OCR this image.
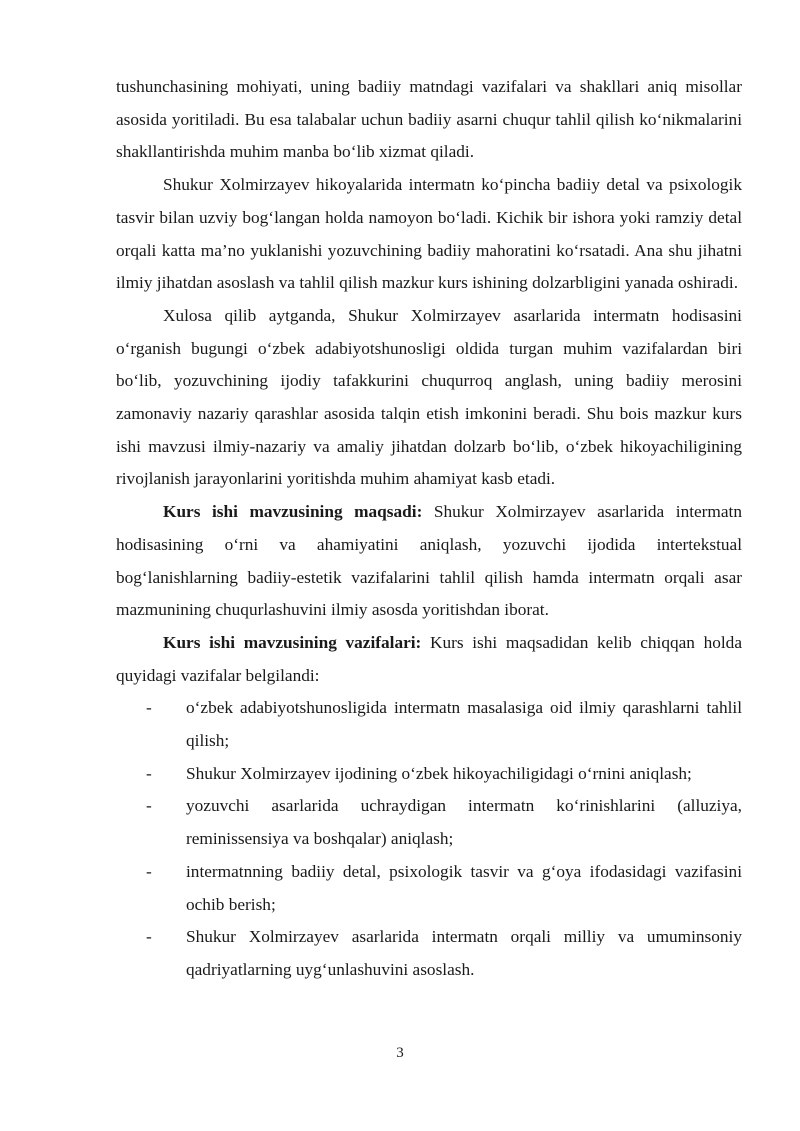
tushunchasining mohiyati, uning badiiy matndagi vazifalari va shakllari aniq misollar asosida yoritiladi. Bu esa talabalar uchun badiiy asarni chuqur tahlil qilish ko‘nikmalarini shakllantirishda muhim manba bo‘lib xizmat qiladi.

Shukur Xolmirzayev hikoyalarida intermatn ko‘pincha badiiy detal va psixologik tasvir bilan uzviy bog‘langan holda namoyon bo‘ladi. Kichik bir ishora yoki ramziy detal orqali katta ma’no yuklanishi yozuvchining badiiy mahoratini ko‘rsatadi. Ana shu jihatni ilmiy jihatdan asoslash va tahlil qilish mazkur kurs ishining dolzarbligini yanada oshiradi.

Xulosa qilib aytganda, Shukur Xolmirzayev asarlarida intermatn hodisasini o‘rganish bugungi o‘zbek adabiyotshunosligi oldida turgan muhim vazifalardan biri bo‘lib, yozuvchining ijodiy tafakkurini chuqurroq anglash, uning badiiy merosini zamonaviy nazariy qarashlar asosida talqin etish imkonini beradi. Shu bois mazkur kurs ishi mavzusi ilmiy-nazariy va amaliy jihatdan dolzarb bo‘lib, o‘zbek hikoyachiligining rivojlanish jarayonlarini yoritishda muhim ahamiyat kasb etadi.

Kurs ishi mavzusining maqsadi: Shukur Xolmirzayev asarlarida intermatn hodisasining o‘rni va ahamiyatini aniqlash, yozuvchi ijodida intertekstual bog‘lanishlarning badiiy-estetik vazifalarini tahlil qilish hamda intermatn orqali asar mazmunining chuqurlashuvini ilmiy asosda yoritishdan iborat.

Kurs ishi mavzusining vazifalari: Kurs ishi maqsadidan kelib chiqqan holda quyidagi vazifalar belgilandi:

- o‘zbek adabiyotshunosligida intermatn masalasiga oid ilmiy qarashlarni tahlil qilish;
- Shukur Xolmirzayev ijodining o‘zbek hikoyachiligidagi o‘rnini aniqlash;
- yozuvchi asarlarida uchraydigan intermatn ko‘rinishlarini (alluziya, reminissensiya va boshqalar) aniqlash;
- intermatnning badiiy detal, psixologik tasvir va g‘oya ifodasidagi vazifasini ochib berish;
- Shukur Xolmirzayev asarlarida intermatn orqali milliy va umuminsoniy qadriyatlarning uyg‘unlashuvini asoslash.
3
